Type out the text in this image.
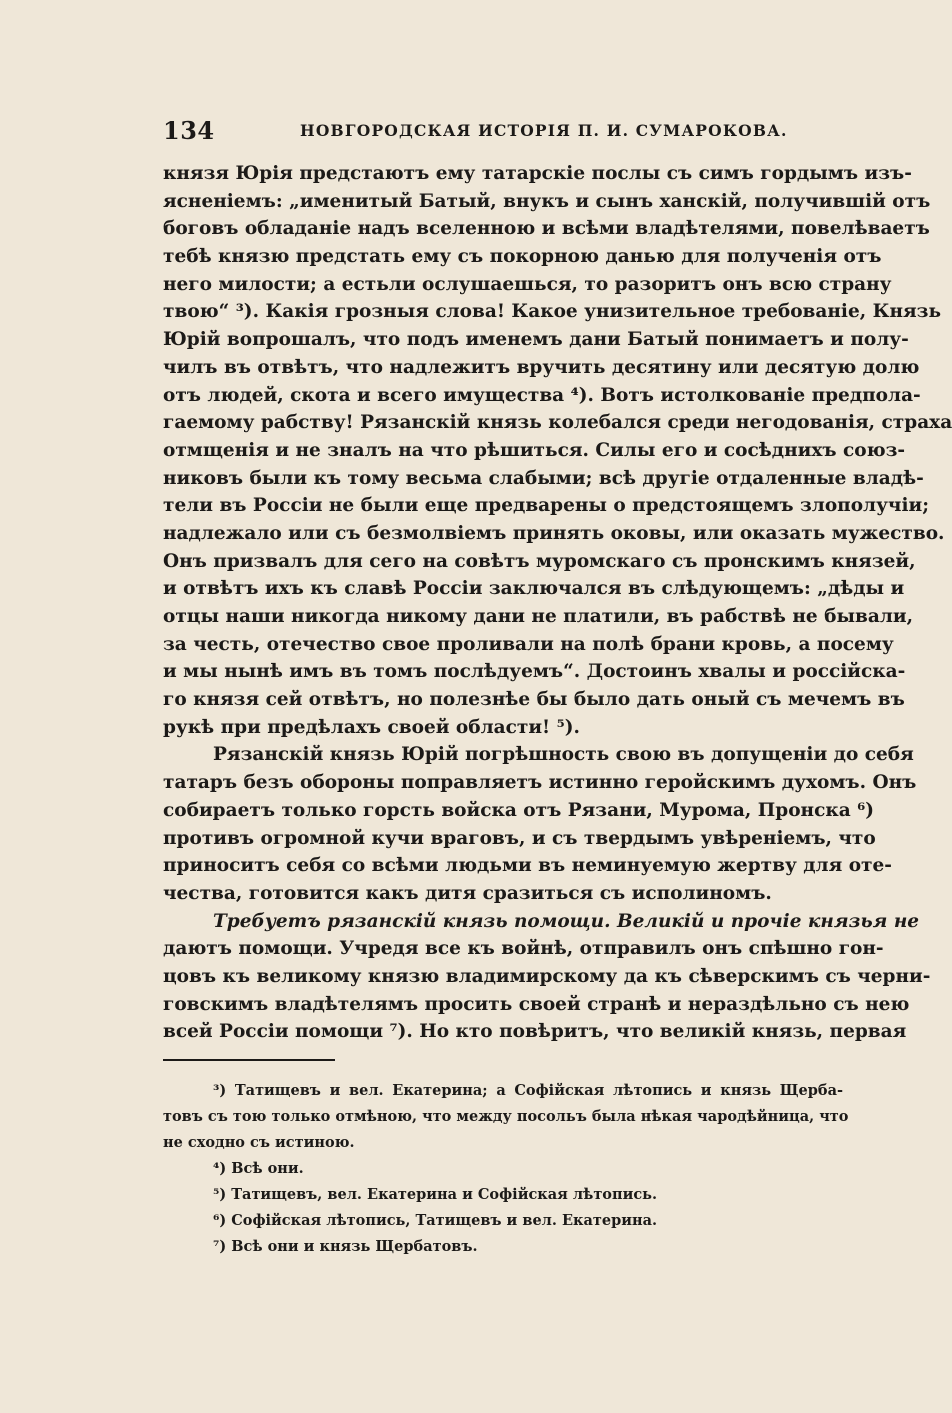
134	НОВГОРОДСКАЯ ИСТОРІЯ П. И. СУМАРОКОВА.
князя Юрія предстаютъ ему татарскіе послы съ симъ гордымъ изъ-
ясненіемъ: „именитый Батый, внукъ и сынъ ханскій, получившій отъ
боговъ обладаніе надъ вселенною и всѣми владѣтелями, повелѣваетъ
тебѣ князю предстать ему съ покорною данью для полученія отъ
него милости; а естьли ослушаешься, то разоритъ онъ всю страну
твою“ ³). Какія грозныя слова! Какое унизительное требованіе, Князь
Юрій вопрошалъ, что подъ именемъ дани Батый понимаетъ и полу-
чилъ въ отвѣтъ, что надлежитъ вручить десятину или десятую долю
отъ людей, скота и всего имущества ⁴). Вотъ истолкованіе предпола-
гаемому рабству! Рязанскій князь колебался среди негодованія, страха
отмщенія и не зналъ на что рѣшиться. Силы его и сосѣднихъ союз-
никовъ были къ тому весьма слабыми; всѣ другіе отдаленные владѣ-
тели въ Россіи не были еще предварены о предстоящемъ злополучіи;
надлежало или съ безмолвіемъ принять оковы, или оказать мужество.
Онъ призвалъ для сего на совѣтъ муромскаго съ пронскимъ князей,
и отвѣтъ ихъ къ славѣ Россіи заключался въ слѣдующемъ: „дѣды и
отцы наши никогда никому дани не платили, въ рабствѣ не бывали,
за честь, отечество свое проливали на полѣ брани кровь, а посему
и мы нынѣ имъ въ томъ послѣдуемъ“. Достоинъ хвалы и россійска-
го князя сей отвѣтъ, но полезнѣе бы было дать оный съ мечемъ въ
рукѣ при предѣлахъ своей области! ⁵).
Рязанскій князь Юрій погрѣшность свою въ допущеніи до себя
татаръ безъ обороны поправляетъ истинно геройскимъ духомъ. Онъ
собираетъ только горсть войска отъ Рязани, Мурома, Пронска ⁶)
противъ огромной кучи враговъ, и съ твердымъ увѣреніемъ, что
приноситъ себя со всѣми людьми въ неминуемую жертву для оте-
чества, готовится какъ дитя сразиться съ исполиномъ.
Требуетъ рязанскій князь помощи. Великій и прочіе князья не
даютъ помощи. Учредя все къ войнѣ, отправилъ онъ спѣшно гон-
цовъ къ великому князю владимирскому да къ сѣверскимъ съ черни-
говскимъ владѣтелямъ просить своей странѣ и нераздѣльно съ нею
всей Россіи помощи ⁷). Но кто повѣритъ, что великій князь, первая
³) Татищевъ и вел. Екатерина; а Софійская лѣтопись и князь Щерба-
товъ съ тою только отмѣною, что между посольъ была нѣкая чародѣйница, что
не сходно съ истиною.
⁴) Всѣ они.
⁵) Татищевъ, вел. Екатерина и Софійская лѣтопись.
⁶) Софійская лѣтопись, Татищевъ и вел. Екатерина.
⁷) Всѣ они и князь Щербатовъ.
